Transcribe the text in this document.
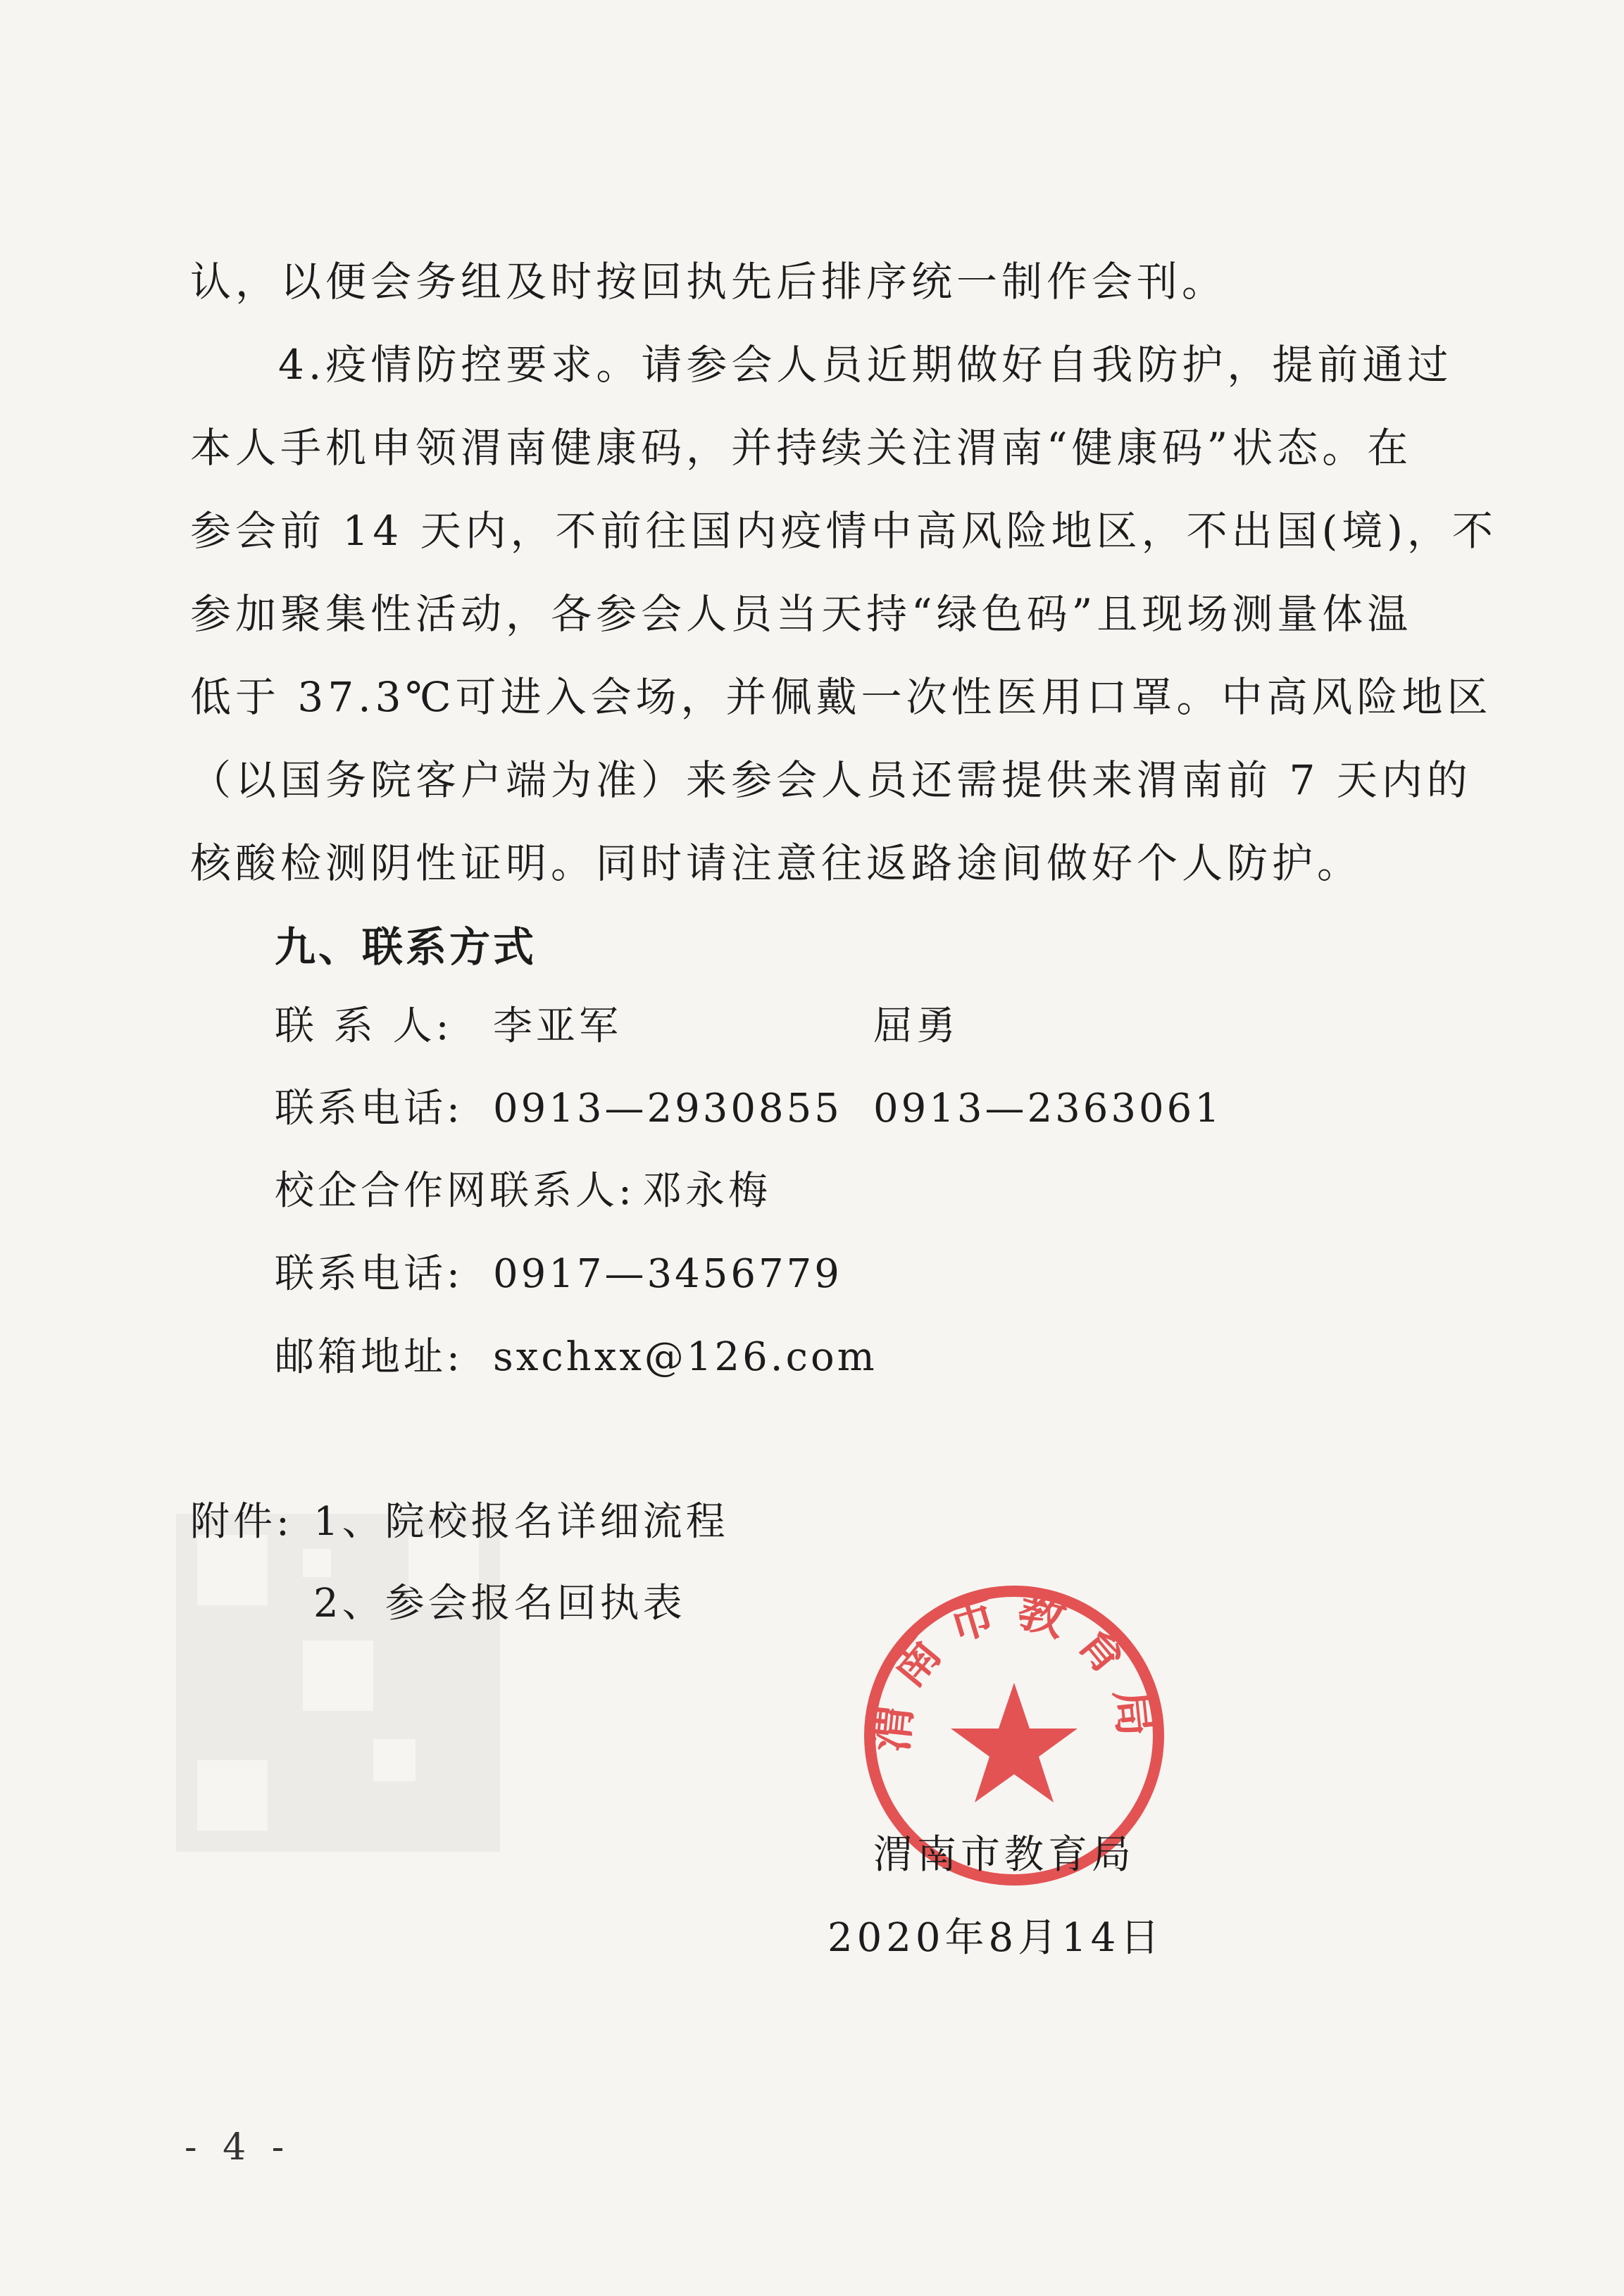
认，以便会务组及时按回执先后排序统一制作会刊。
4.疫情防控要求。请参会人员近期做好自我防护，提前通过
本人手机申领渭南健康码，并持续关注渭南“健康码”状态。在
参会前 14 天内，不前往国内疫情中高风险地区，不出国(境)，不
参加聚集性活动，各参会人员当天持“绿色码”且现场测量体温
低于 37.3℃可进入会场，并佩戴一次性医用口罩。中高风险地区
（以国务院客户端为准）来参会人员还需提供来渭南前 7 天内的
核酸检测阴性证明。同时请注意往返路途间做好个人防护。
九、联系方式
联 系 人: 李亚军	屈勇
联系电话: 0913—2930855 0913—2363061
校企合作网联系人: 邓永梅
联系电话: 0917—3456779
邮箱地址: sxchxx@126.com
附件: 1、院校报名详细流程
2、参会报名回执表
渭南市教育局
渭南市教育局
2020年8月14日
- 4 -
